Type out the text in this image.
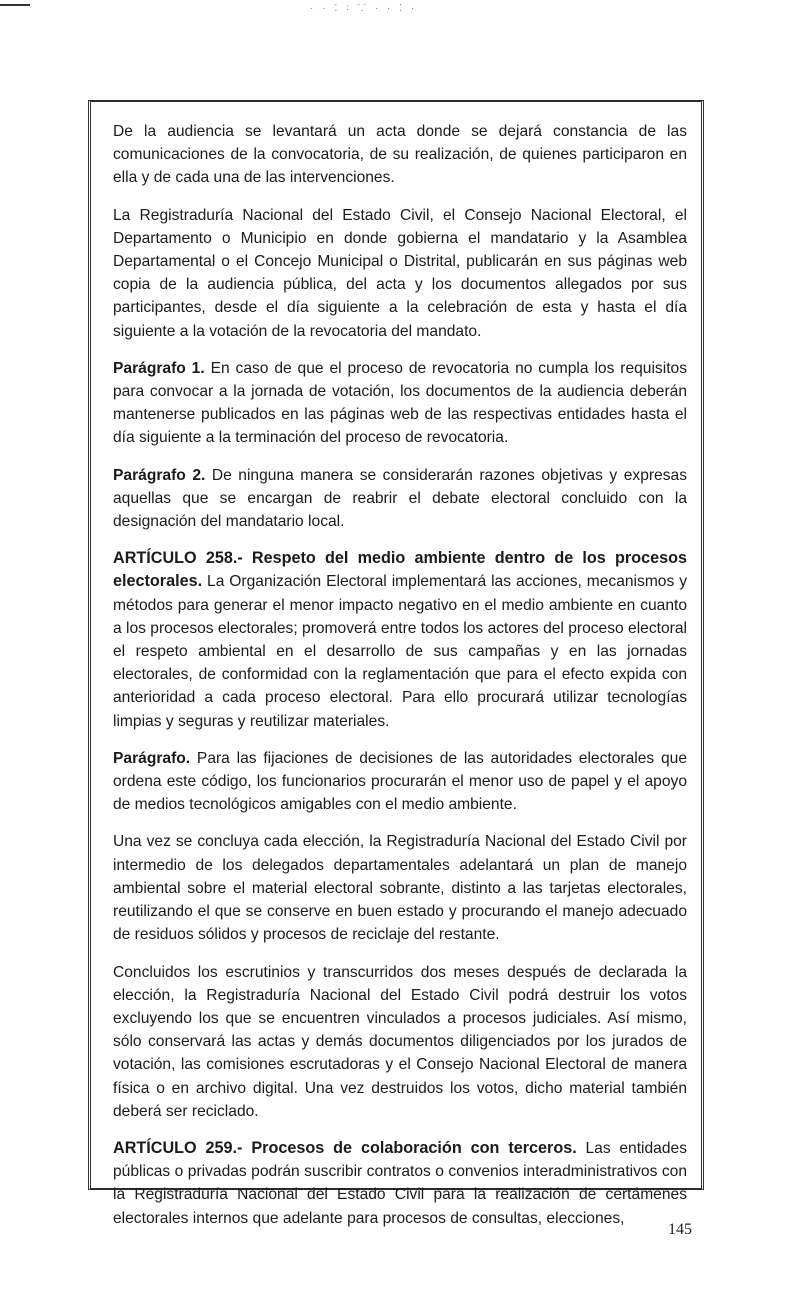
· · ⁚ ꞉ ⸪ · · ⁚ ·

De la audiencia se levantará un acta donde se dejará constancia de las comunicaciones de la convocatoria, de su realización, de quienes participaron en ella y de cada una de las intervenciones.

La Registraduría Nacional del Estado Civil, el Consejo Nacional Electoral, el Departamento o Municipio en donde gobierna el mandatario y la Asamblea Departamental o el Concejo Municipal o Distrital, publicarán en sus páginas web copia de la audiencia pública, del acta y los documentos allegados por sus participantes, desde el día siguiente a la celebración de esta y hasta el día siguiente a la votación de la revocatoria del mandato.

Parágrafo 1. En caso de que el proceso de revocatoria no cumpla los requisitos para convocar a la jornada de votación, los documentos de la audiencia deberán mantenerse publicados en las páginas web de las respectivas entidades hasta el día siguiente a la terminación del proceso de revocatoria.

Parágrafo 2. De ninguna manera se considerarán razones objetivas y expresas aquellas que se encargan de reabrir el debate electoral concluido con la designación del mandatario local.

ARTÍCULO 258.- Respeto del medio ambiente dentro de los procesos electorales. La Organización Electoral implementará las acciones, mecanismos y métodos para generar el menor impacto negativo en el medio ambiente en cuanto a los procesos electorales; promoverá entre todos los actores del proceso electoral el respeto ambiental en el desarrollo de sus campañas y en las jornadas electorales, de conformidad con la reglamentación que para el efecto expida con anterioridad a cada proceso electoral. Para ello procurará utilizar tecnologías limpias y seguras y reutilizar materiales.

Parágrafo. Para las fijaciones de decisiones de las autoridades electorales que ordena este código, los funcionarios procurarán el menor uso de papel y el apoyo de medios tecnológicos amigables con el medio ambiente.

Una vez se concluya cada elección, la Registraduría Nacional del Estado Civil por intermedio de los delegados departamentales adelantará un plan de manejo ambiental sobre el material electoral sobrante, distinto a las tarjetas electorales, reutilizando el que se conserve en buen estado y procurando el manejo adecuado de residuos sólidos y procesos de reciclaje del restante.

Concluidos los escrutinios y transcurridos dos meses después de declarada la elección, la Registraduría Nacional del Estado Civil podrá destruir los votos excluyendo los que se encuentren vinculados a procesos judiciales. Así mismo, sólo conservará las actas y demás documentos diligenciados por los jurados de votación, las comisiones escrutadoras y el Consejo Nacional Electoral de manera física o en archivo digital. Una vez destruidos los votos, dicho material también deberá ser reciclado.

ARTÍCULO 259.- Procesos de colaboración con terceros. Las entidades públicas o privadas podrán suscribir contratos o convenios interadministrativos con la Registraduría Nacional del Estado Civil para la realización de certámenes electorales internos que adelante para procesos de consultas, elecciones,

145
